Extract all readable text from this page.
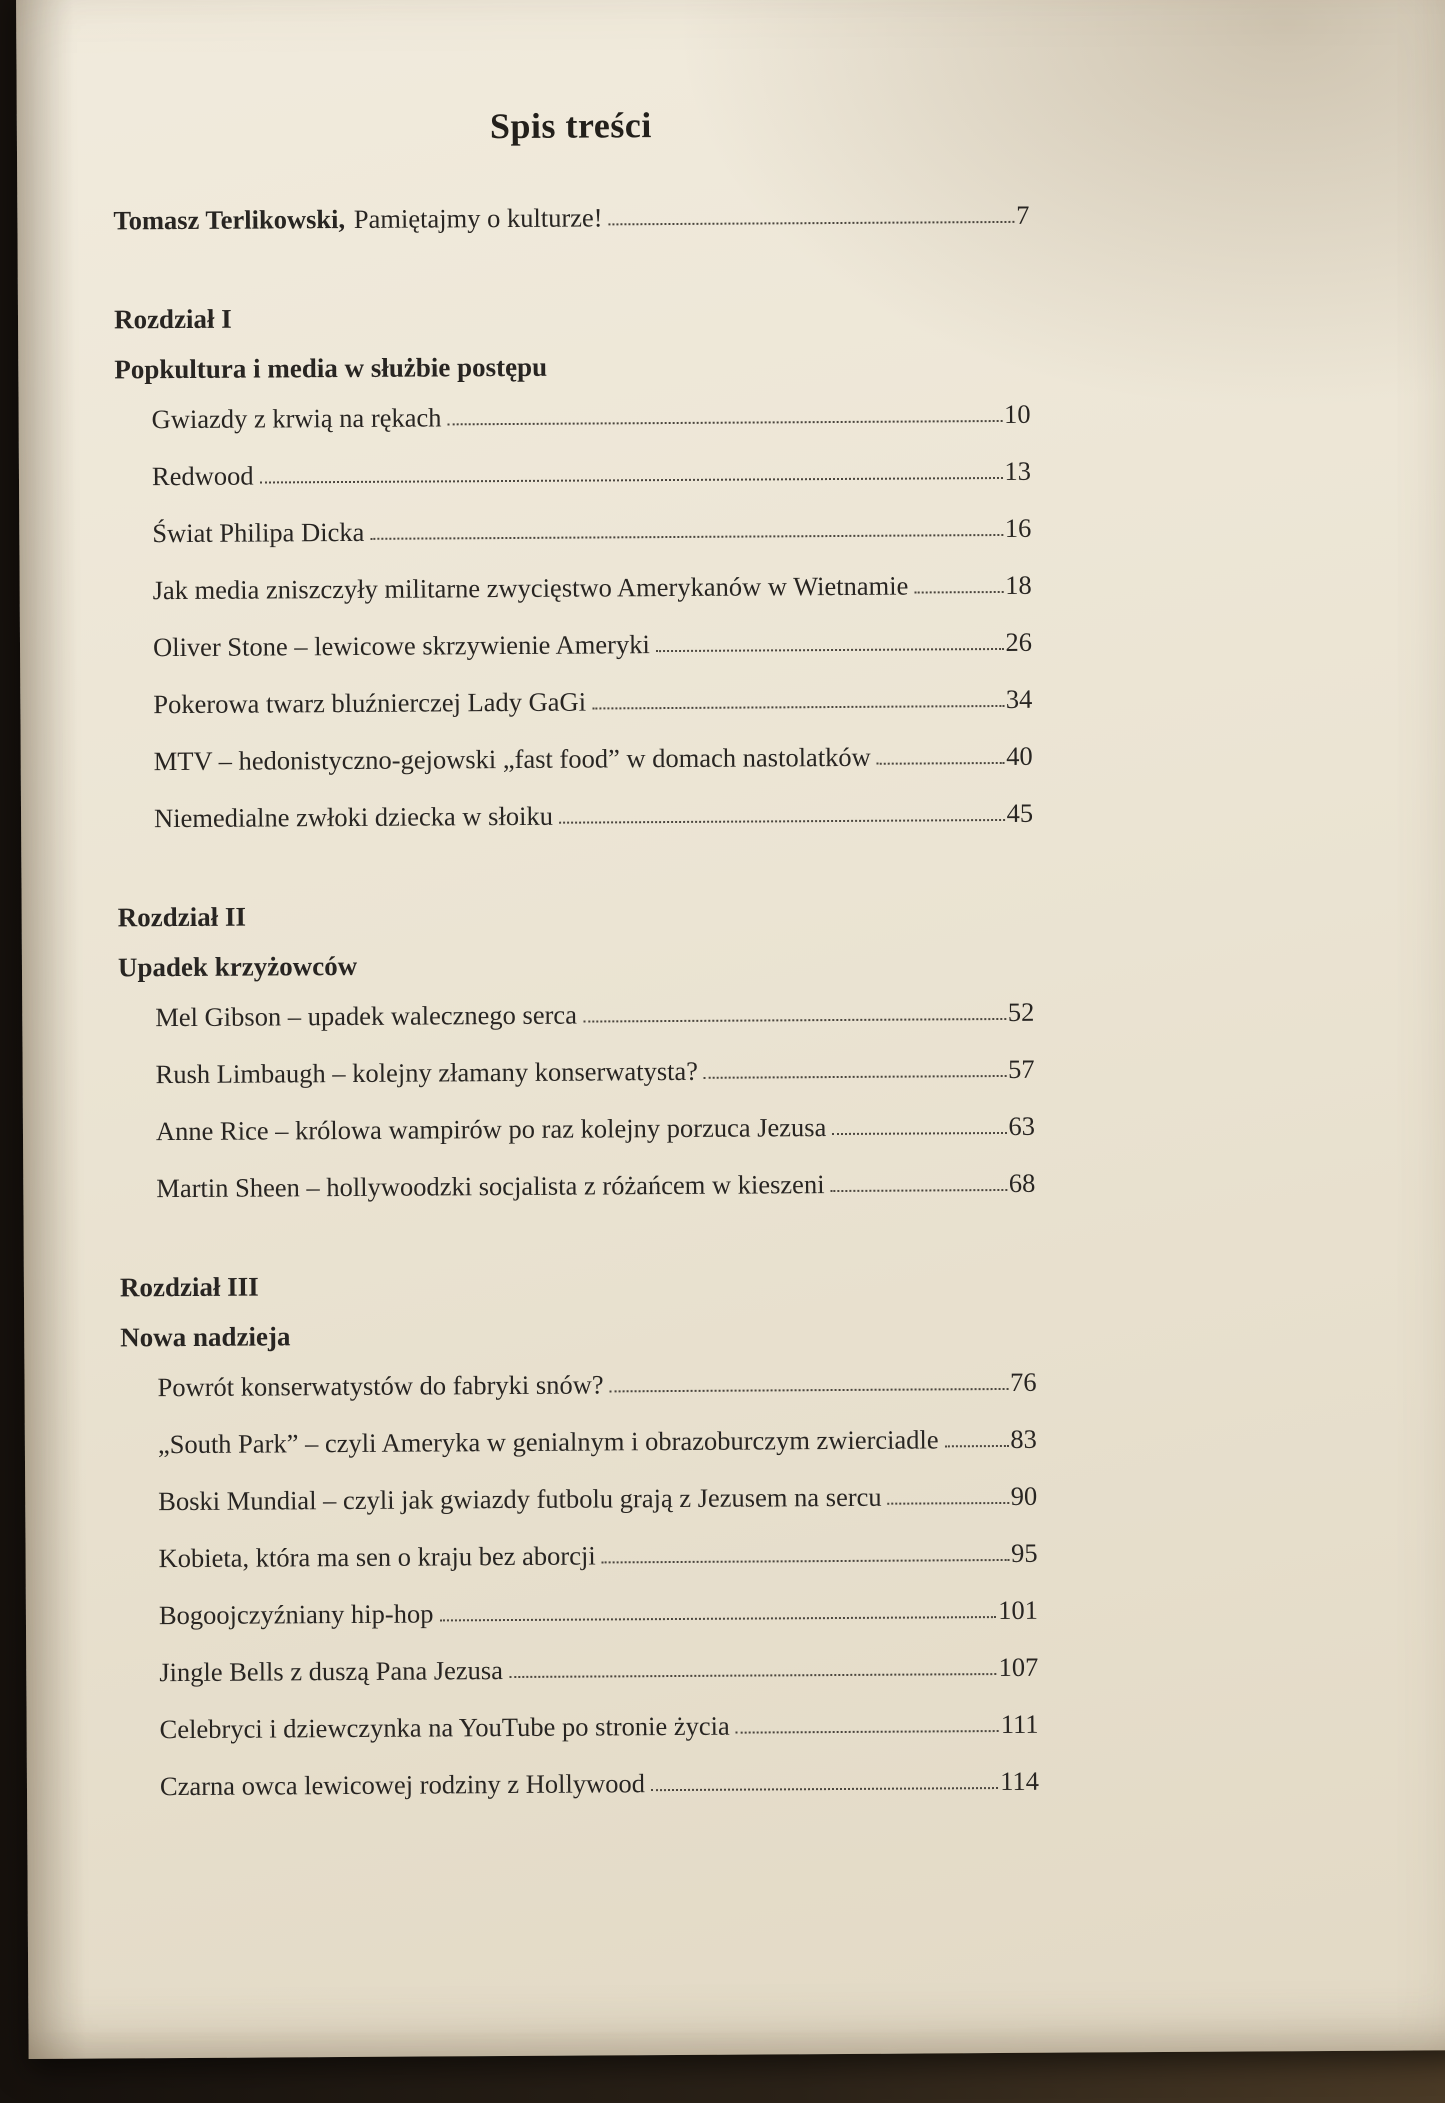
Spis treści
Tomasz Terlikowski, Pamiętajmy o kulturze!	7
Rozdział I
Popkultura i media w służbie postępu
Gwiazdy z krwią na rękach	10
Redwood	13
Świat Philipa Dicka	16
Jak media zniszczyły militarne zwycięstwo Amerykanów w Wietnamie	18
Oliver Stone – lewicowe skrzywienie Ameryki	26
Pokerowa twarz bluźnierczej Lady GaGi	34
MTV – hedonistyczno-gejowski „fast food” w domach nastolatków	40
Niemedialne zwłoki dziecka w słoiku	45
Rozdział II
Upadek krzyżowców
Mel Gibson – upadek walecznego serca	52
Rush Limbaugh – kolejny złamany konserwatysta?	57
Anne Rice – królowa wampirów po raz kolejny porzuca Jezusa	63
Martin Sheen – hollywoodzki socjalista z różańcem w kieszeni	68
Rozdział III
Nowa nadzieja
Powrót konserwatystów do fabryki snów?	76
„South Park” – czyli Ameryka w genialnym i obrazoburczym zwierciadle	83
Boski Mundial – czyli jak gwiazdy futbolu grają z Jezusem na sercu	90
Kobieta, która ma sen o kraju bez aborcji	95
Bogoojczyźniany hip-hop	101
Jingle Bells z duszą Pana Jezusa	107
Celebryci i dziewczynka na YouTube po stronie życia	111
Czarna owca lewicowej rodziny z Hollywood	114
